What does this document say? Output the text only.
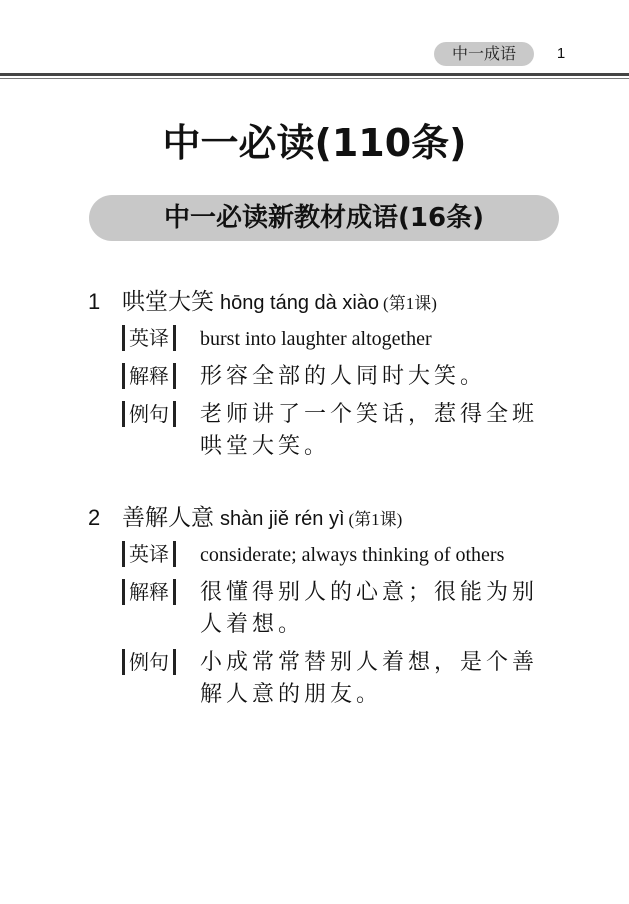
中一成语	1
中一必读(110条)
中一必读新教材成语(16条)
1 哄堂大笑 hōng táng dà xiào (第1课)
英译	burst into laughter altogether
解释	形容全部的人同时大笑。
例句	老师讲了一个笑话，惹得全班哄堂大笑。
2 善解人意 shàn jiě rén yì (第1课)
英译	considerate; always thinking of others
解释	很懂得别人的心意；很能为别人着想。
例句	小成常常替别人着想，是个善解人意的朋友。
